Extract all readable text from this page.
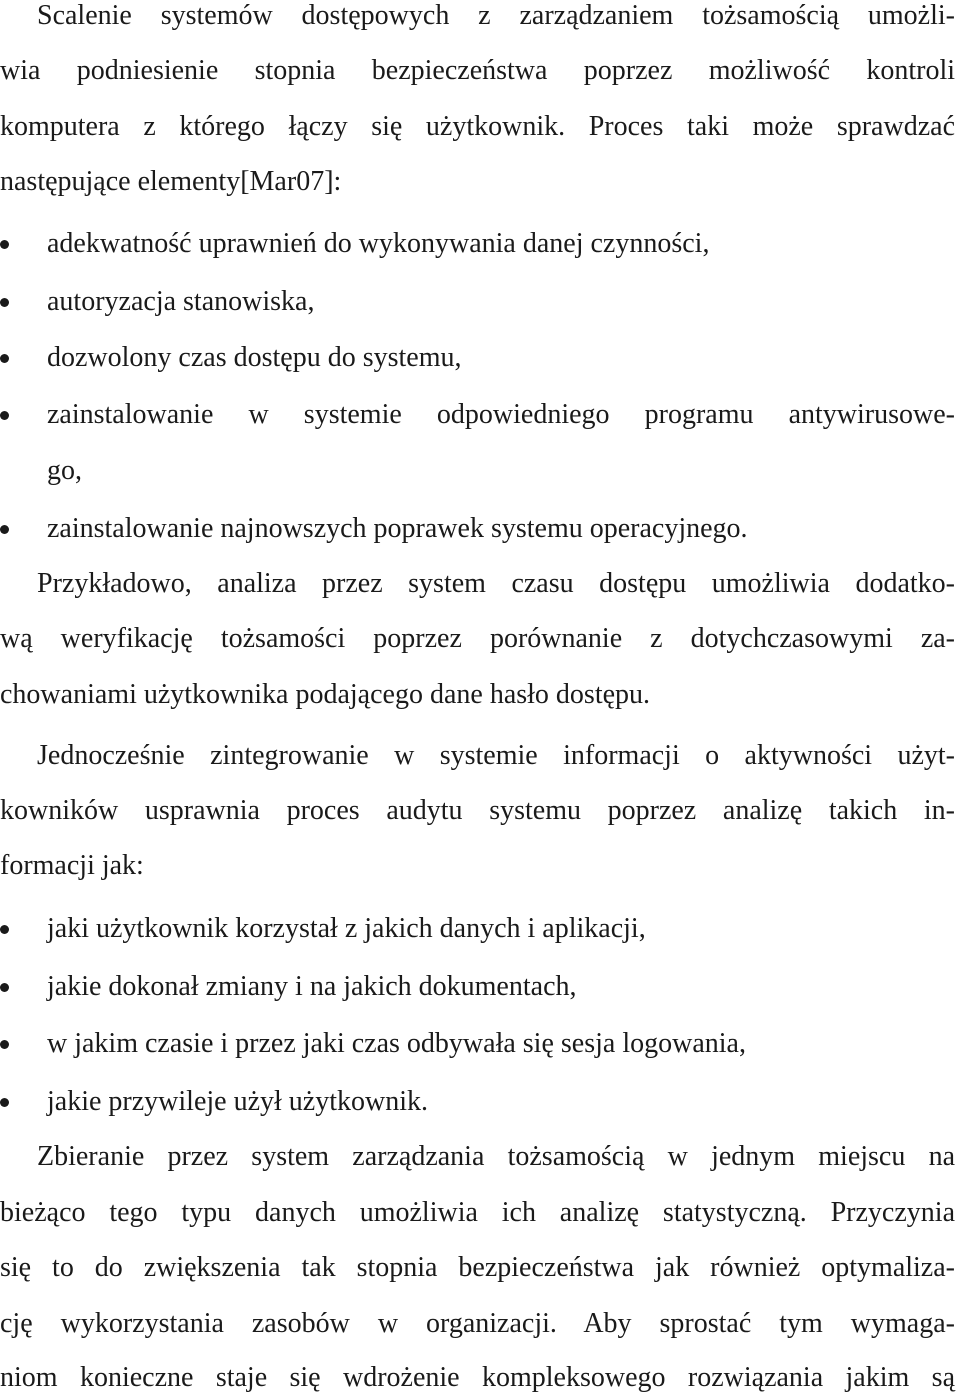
Scalenie systemów dostępowych z zarządzaniem tożsamością umożli-
wia podniesienie stopnia bezpieczeństwa poprzez możliwość kontroli
komputera z którego łączy się użytkownik. Proces taki może sprawdzać
następujące elementy[Mar07]:
adekwatność uprawnień do wykonywania danej czynności,
autoryzacja stanowiska,
dozwolony czas dostępu do systemu,
zainstalowanie w systemie odpowiedniego programu antywirusowe-
go,
zainstalowanie najnowszych poprawek systemu operacyjnego.
Przykładowo, analiza przez system czasu dostępu umożliwia dodatko-
wą weryfikację tożsamości poprzez porównanie z dotychczasowymi za-
chowaniami użytkownika podającego dane hasło dostępu.
Jednocześnie zintegrowanie w systemie informacji o aktywności użyt-
kowników usprawnia proces audytu systemu poprzez analizę takich in-
formacji jak:
jaki użytkownik korzystał z jakich danych i aplikacji,
jakie dokonał zmiany i na jakich dokumentach,
w jakim czasie i przez jaki czas odbywała się sesja logowania,
jakie przywileje użył użytkownik.
Zbieranie przez system zarządzania tożsamością w jednym miejscu na
bieżąco tego typu danych umożliwia ich analizę statystyczną. Przyczynia
się to do zwiększenia tak stopnia bezpieczeństwa jak również optymaliza-
cję wykorzystania zasobów w organizacji. Aby sprostać tym wymaga-
niom konieczne staje się wdrożenie kompleksowego rozwiązania jakim są
